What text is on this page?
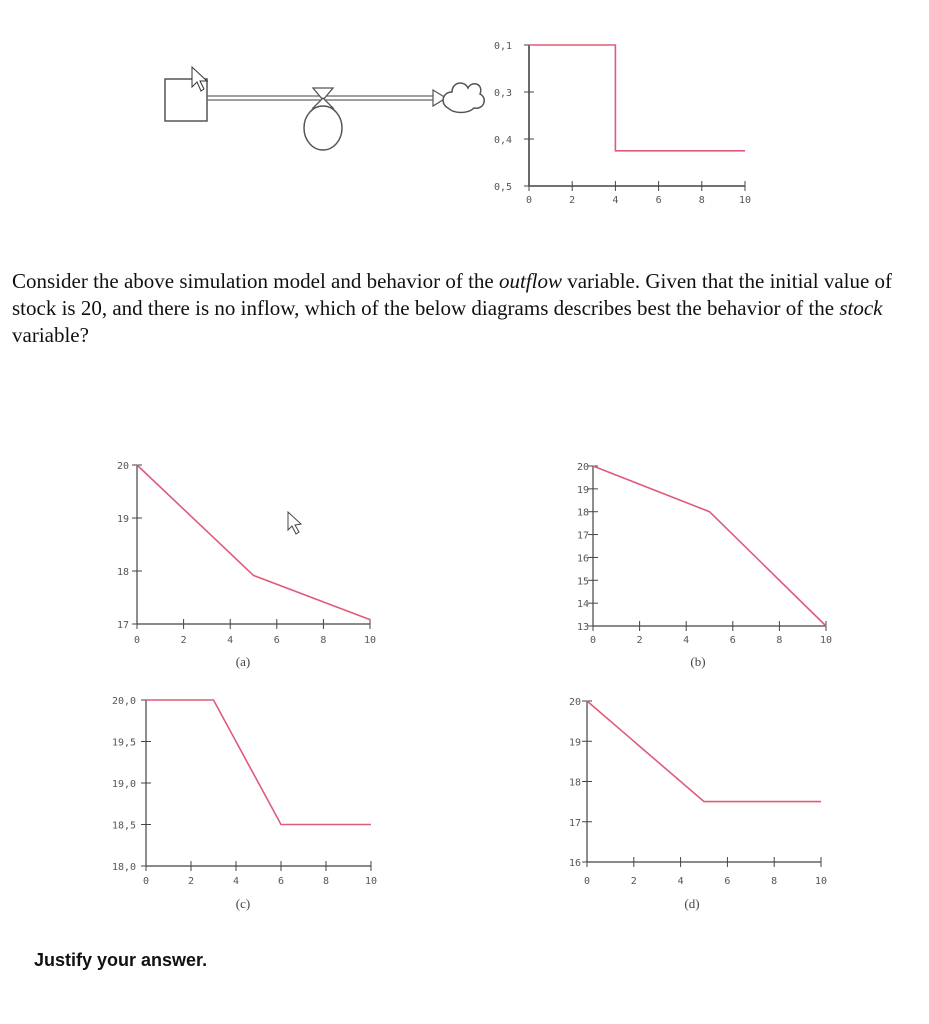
0	2	4	6	8	10
0,1
0,3
0,4
0,5

Consider the above simulation model and behavior of the outflow variable. Given that the initial value of stock is 20, and there is no inflow, which of the below diagrams describes best the behavior of the stock variable?

0	2	4	6	8	10
20
19
18
17
(a)
0	2	4	6	8	10
20
19
18
17
16
15
14
13
(b)
0	2	4	6	8	10
20,0
19,5
19,0
18,5
18,0
(c)
0	2	4	6	8	10
20
19
18
17
16
(d)

Justify your answer.
